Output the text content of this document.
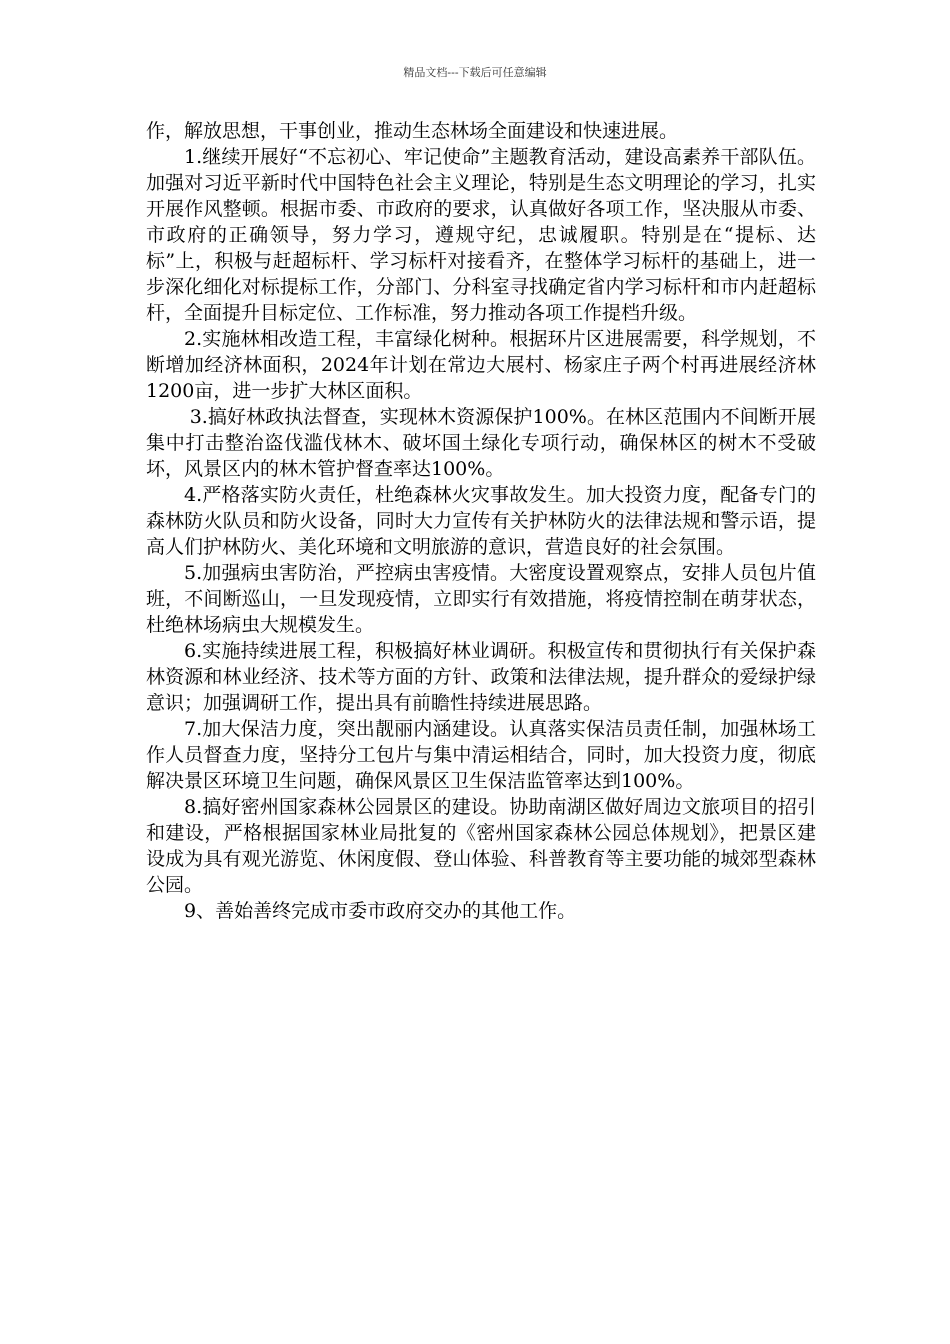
精品文档---下载后可任意编辑

作，解放思想，干事创业，推动生态林场全面建设和快速进展。

1.继续开展好“不忘初心、牢记使命”主题教育活动，建设高素养干部队伍。加强对习近平新时代中国特色社会主义理论，特别是生态文明理论的学习，扎实开展作风整顿。根据市委、市政府的要求，认真做好各项工作，坚决服从市委、市政府的正确领导，努力学习，遵规守纪，忠诚履职。特别是在“提标、达标”上，积极与赶超标杆、学习标杆对接看齐，在整体学习标杆的基础上，进一步深化细化对标提标工作，分部门、分科室寻找确定省内学习标杆和市内赶超标杆，全面提升目标定位、工作标准，努力推动各项工作提档升级。

2.实施林相改造工程，丰富绿化树种。根据环片区进展需要，科学规划，不断增加经济林面积，2024年计划在常边大展村、杨家庄子两个村再进展经济林1200亩，进一步扩大林区面积。

3.搞好林政执法督查，实现林木资源保护100%。在林区范围内不间断开展集中打击整治盗伐滥伐林木、破坏国土绿化专项行动，确保林区的树木不受破坏，风景区内的林木管护督查率达100%。

4.严格落实防火责任，杜绝森林火灾事故发生。加大投资力度，配备专门的森林防火队员和防火设备，同时大力宣传有关护林防火的法律法规和警示语，提高人们护林防火、美化环境和文明旅游的意识，营造良好的社会氛围。

5.加强病虫害防治，严控病虫害疫情。大密度设置观察点，安排人员包片值班，不间断巡山，一旦发现疫情，立即实行有效措施，将疫情控制在萌芽状态，杜绝林场病虫大规模发生。

6.实施持续进展工程，积极搞好林业调研。积极宣传和贯彻执行有关保护森林资源和林业经济、技术等方面的方针、政策和法律法规，提升群众的爱绿护绿意识；加强调研工作，提出具有前瞻性持续进展思路。

7.加大保洁力度，突出靓丽内涵建设。认真落实保洁员责任制，加强林场工作人员督查力度，坚持分工包片与集中清运相结合，同时，加大投资力度，彻底解决景区环境卫生问题，确保风景区卫生保洁监管率达到100%。

8.搞好密州国家森林公园景区的建设。协助南湖区做好周边文旅项目的招引和建设，严格根据国家林业局批复的《密州国家森林公园总体规划》，把景区建设成为具有观光游览、休闲度假、登山体验、科普教育等主要功能的城郊型森林公园。

9、善始善终完成市委市政府交办的其他工作。
